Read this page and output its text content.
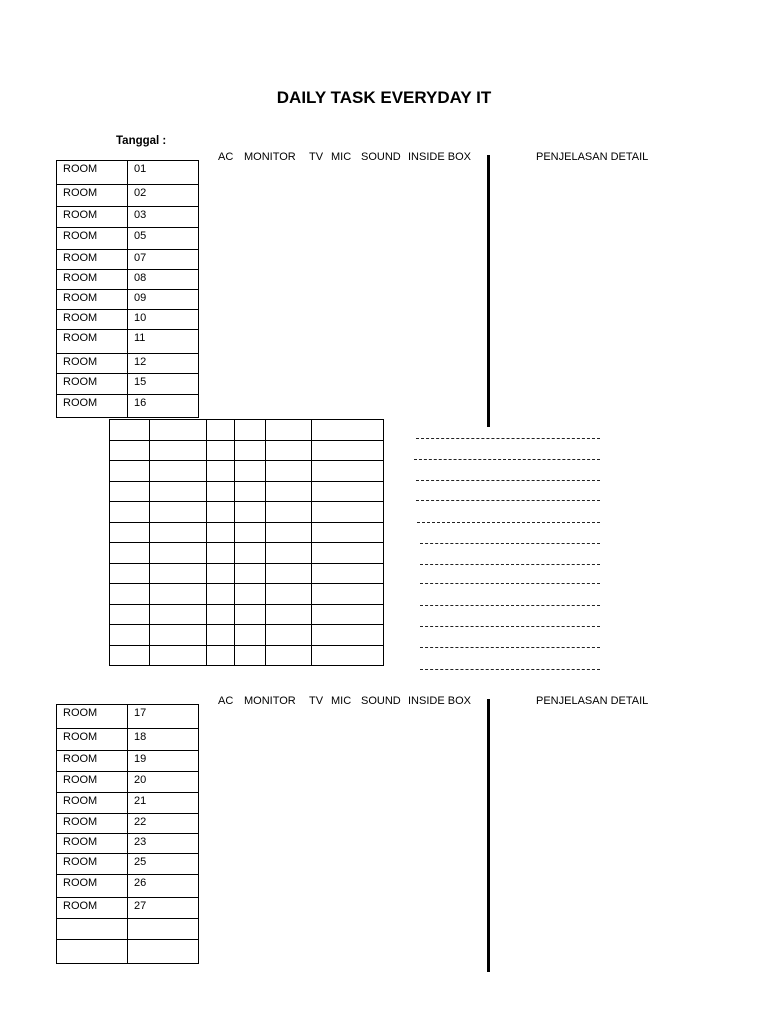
DAILY TASK EVERYDAY IT
Tanggal :
AC MONITOR TV MIC SOUND INSIDE BOX	PENJELASAN DETAIL
ROOM	01
ROOM	02
ROOM	03
ROOM	05
ROOM	07
ROOM	08
ROOM	09
ROOM	10
ROOM	11
ROOM	12
ROOM	15
ROOM	16

AC MONITOR TV MIC SOUND INSIDE BOX	PENJELASAN DETAIL
ROOM	17
ROOM	18
ROOM	19
ROOM	20
ROOM	21
ROOM	22
ROOM	23
ROOM	25
ROOM	26
ROOM	27
